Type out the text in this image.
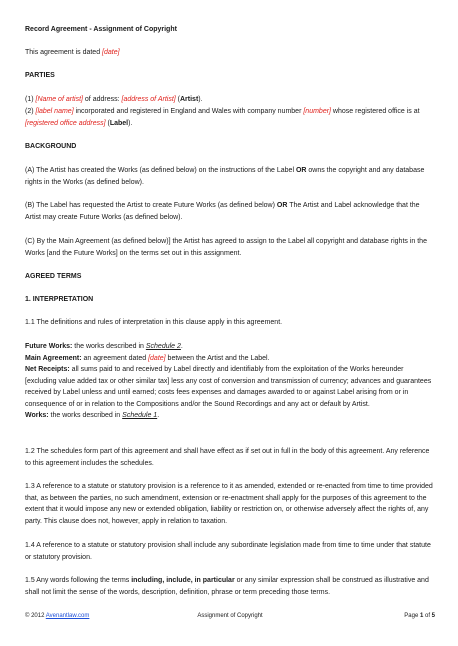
Record Agreement - Assignment of Copyright
This agreement is dated [date]
PARTIES
(1) [Name of artist] of address: [address of Artist] (Artist).
(2) [label name] incorporated and registered in England and Wales with company number [number] whose registered office is at [registered office address] (Label).
BACKGROUND
(A) The Artist has created the Works (as defined below) on the instructions of the Label OR owns the copyright and any database rights in the Works (as defined below).
(B) The Label has requested the Artist to create Future Works (as defined below) OR The Artist and Label acknowledge that the Artist may create Future Works (as defined below).
(C) By the Main Agreement (as defined below)] the Artist has agreed to assign to the Label all copyright and database rights in the Works [and the Future Works] on the terms set out in this assignment.
AGREED TERMS
1. INTERPRETATION
1.1 The definitions and rules of interpretation in this clause apply in this agreement.
Future Works: the works described in Schedule 2.
Main Agreement: an agreement dated [date] between the Artist and the Label.
Net Receipts: all sums paid to and received by Label directly and identifiably from the exploitation of the Works hereunder [excluding value added tax or other similar tax] less any cost of conversion and transmission of currency; advances and guarantees received by Label unless and until earned; costs fees expenses and damages awarded to or against Label arising from or in consequence of or in relation to the Compositions and/or the Sound Recordings and any act or default by Artist.
Works: the works described in Schedule 1.
1.2 The schedules form part of this agreement and shall have effect as if set out in full in the body of this agreement. Any reference to this agreement includes the schedules.
1.3 A reference to a statute or statutory provision is a reference to it as amended, extended or re-enacted from time to time provided that, as between the parties, no such amendment, extension or re-enactment shall apply for the purposes of this agreement to the extent that it would impose any new or extended obligation, liability or restriction on, or otherwise adversely affect the rights of, any party. This clause does not, however, apply in relation to taxation.
1.4 A reference to a statute or statutory provision shall include any subordinate legislation made from time to time under that statute or statutory provision.
1.5 Any words following the terms including, include, in particular or any similar expression shall be construed as illustrative and shall not limit the sense of the words, description, definition, phrase or term preceding those terms.
© 2012 Avenantlaw.com	Assignment of Copyright	Page 1 of 5
